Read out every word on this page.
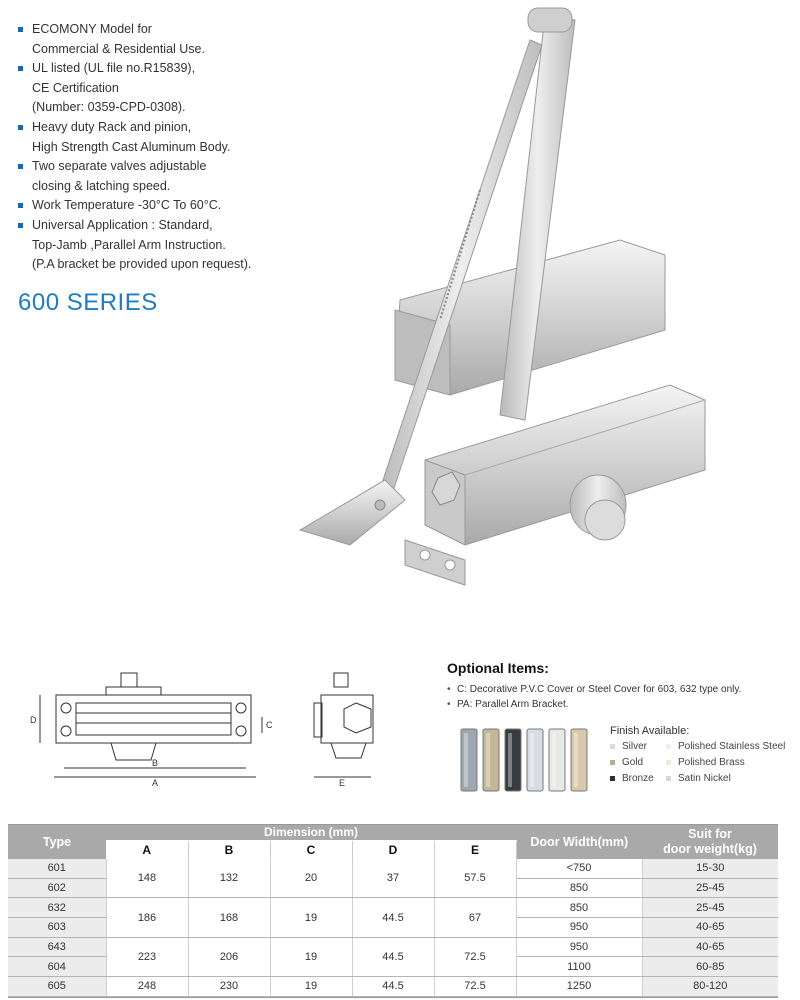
ECOMONY Model for
Commercial & Residential Use.
UL listed (UL file no.R15839),
CE Certification
(Number: 0359-CPD-0308).
Heavy duty Rack and pinion,
High Strength Cast Aluminum Body.
Two separate valves adjustable
closing & latching speed.
Work Temperature -30°C To 60°C.
Universal Application : Standard,
Top-Jamb ,Parallel Arm Instruction.
(P.A bracket be provided upon request).
600 SERIES
D	C
B
A	E
Optional Items:
• C: Decorative P.V.C Cover or Steel Cover for 603, 632 type only.
• PA: Parallel Arm Bracket.
Finish Available:
Silver	Polished Stainless Steel
Gold	Polished Brass
Bronze	Satin Nickel
Type	Dimension (mm)					Door Width(mm)	Suit for
door weight(kg)
	A	B	C	D	E		
601	148	132	20	37	57.5	<750	15-30
602						850	25-45
632	186	168	19	44.5	67	850	25-45
603						950	40-65
643	223	206	19	44.5	72.5	950	40-65
604						1100	60-85
605	248	230	19	44.5	72.5	1250	80-120
